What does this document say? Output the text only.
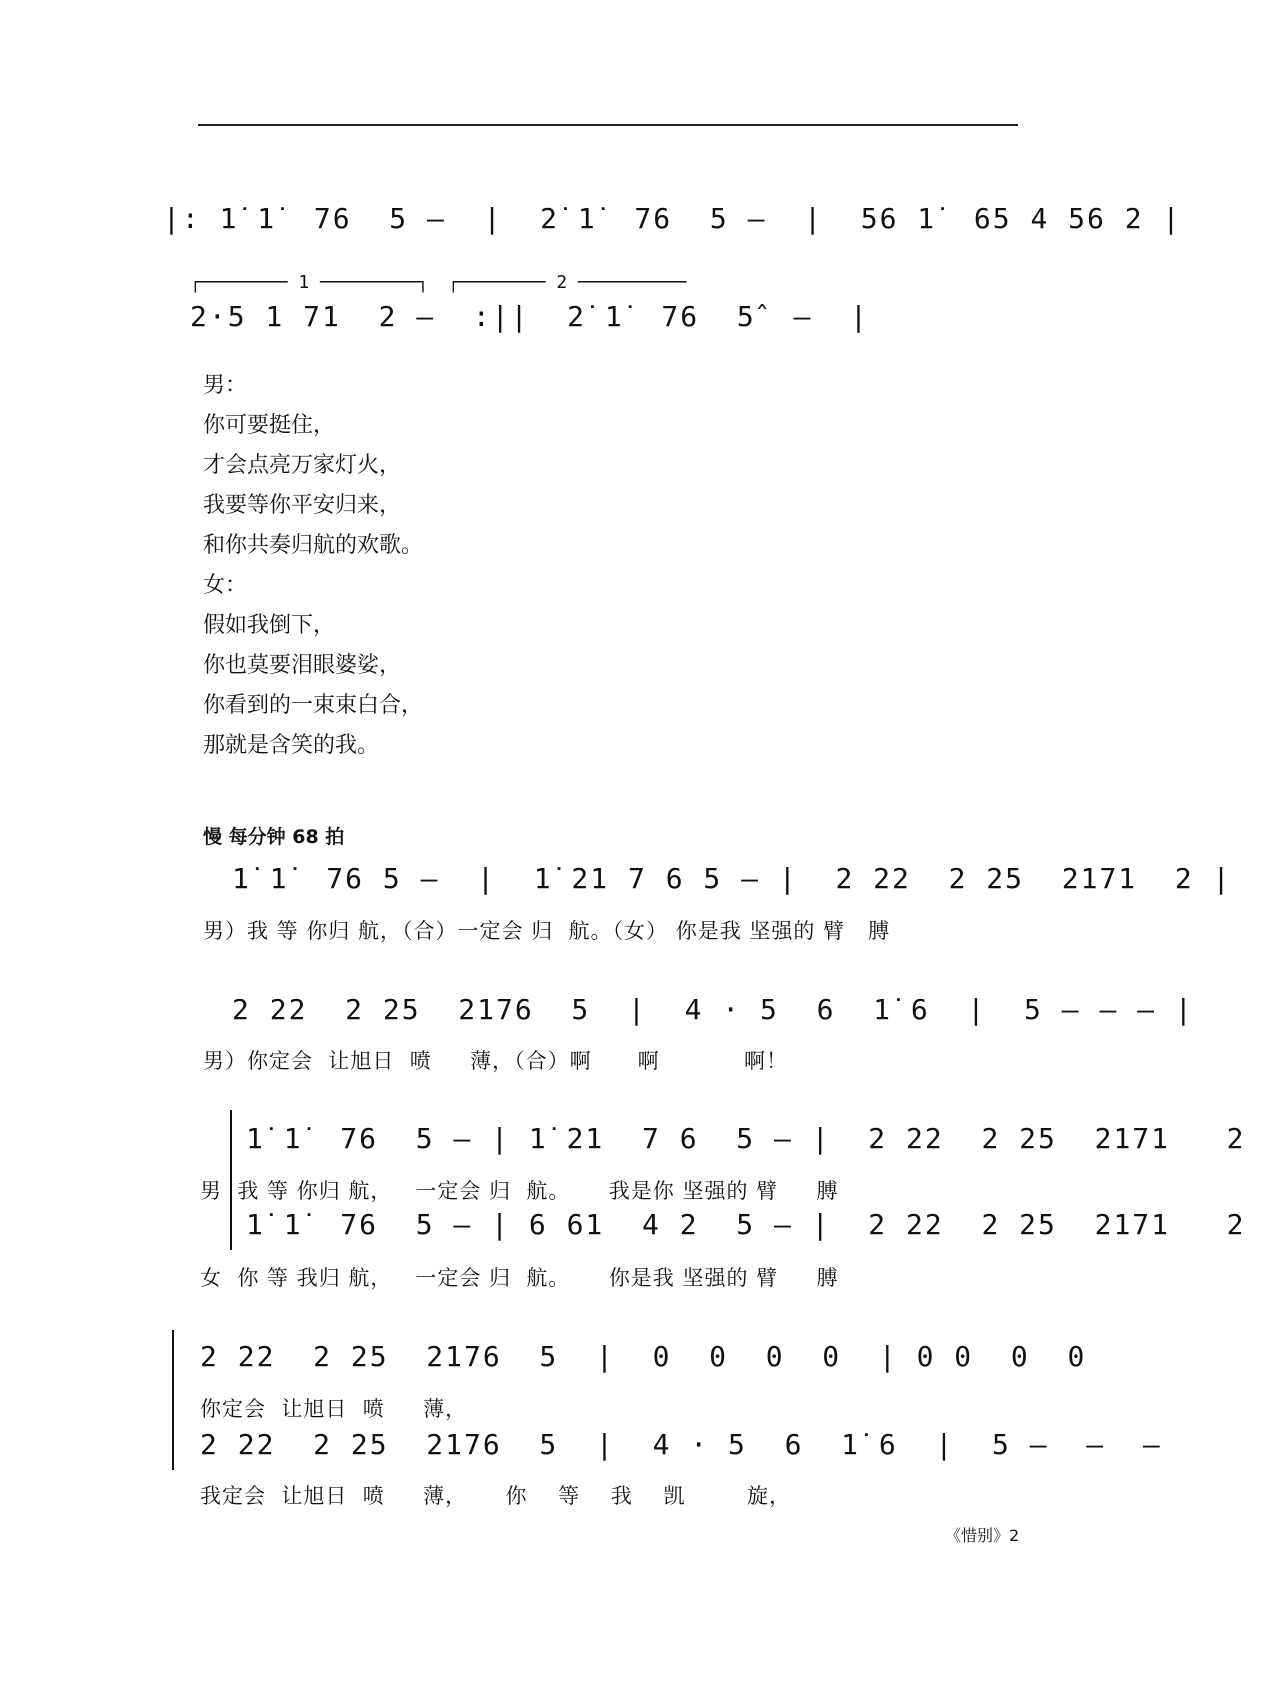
|: 1̇ 1̇  76  5 –  |  2̇ 1̇  76  5 –  |  56 1̇  65 4 56 2 |
┌──────── 1 ─────────┐ ┌──────── 2 ──────────
2·5 1 71  2 –  :||  2̇ 1̇  76  5̂  –  |
男：
你可要挺住，
才会点亮万家灯火，
我要等你平安归来，
和你共奏归航的欢歌。
女：
假如我倒下，
你也莫要泪眼婆娑，
你看到的一束束白合，
那就是含笑的我。
慢 每分钟 68 拍
1̇ 1̇  76 5 –  |  1̇ 21 7 6 5 – |  2 22  2 25  2171  2 |
男）我 等 你归 航，（合）一定会 归  航。（女） 你是我 坚强的 臂   膊
2 22  2 25  2176  5  |  4 · 5  6  1̇ 6  |  5 – – – |
男）你定会  让旭日  喷     薄，（合）啊      啊           啊！
1̇ 1̇  76  5 – | 1̇ 21  7 6  5 – |  2 22  2 25  2171   2
男  我 等 你归 航，   一定会 归  航。     我是你 坚强的 臂     膊
1̇ 1̇  76  5 – | 6 61  4 2  5 – |  2 22  2 25  2171   2
女  你 等 我归 航，   一定会 归  航。     你是我 坚强的 臂     膊
2 22  2 25  2176  5  |  0  0  0  0  | 0 0  0  0
你定会  让旭日  喷     薄，
2 22  2 25  2176  5  |  4 · 5  6  1̇ 6  |  5 –  –  –
我定会  让旭日  喷     薄，     你    等    我    凯        旋，
《惜别》2
